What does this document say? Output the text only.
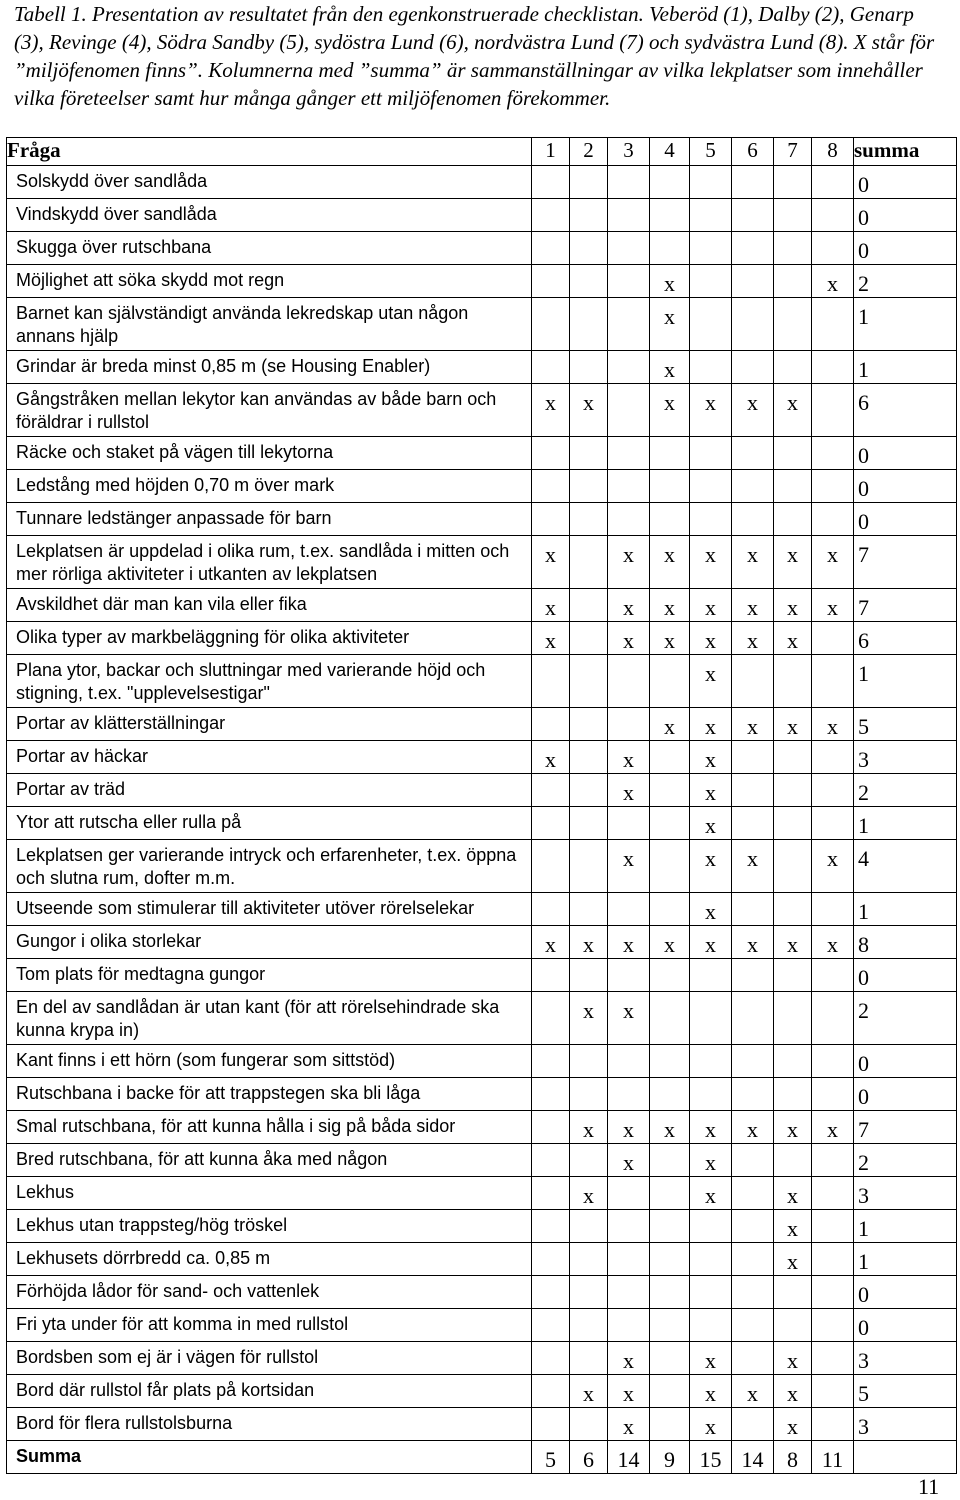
Tabell 1. Presentation av resultatet från den egenkonstruerade checklistan. Veberöd (1), Dalby (2), Genarp (3), Revinge (4), Södra Sandby (5), sydöstra Lund (6), nordvästra Lund (7) och sydvästra Lund (8). X står för ”miljöfenomen finns”. Kolumnerna med ”summa” är sammanställningar av vilka lekplatser som innehåller vilka företeelser samt hur många gånger ett miljöfenomen förekommer.

Fråga	1	2	3	4	5	6	7	8	summa
Solskydd över sandlåda									0
Vindskydd över sandlåda									0
Skugga över rutschbana									0
Möjlighet att söka skydd mot regn				x				x	2
Barnet kan självständigt använda lekredskap utan någon annans hjälp				x					1
Grindar är breda minst 0,85 m (se Housing Enabler)				x					1
Gångstråken mellan lekytor kan användas av både barn och föräldrar i rullstol	x	x		x	x	x	x		6
Räcke och staket på vägen till lekytorna									0
Ledstång med höjden 0,70 m över mark									0
Tunnare ledstänger anpassade för barn									0
Lekplatsen är uppdelad i olika rum, t.ex. sandlåda i mitten och mer rörliga aktiviteter i utkanten av lekplatsen	x		x	x	x	x	x	x	7
Avskildhet där man kan vila eller fika	x		x	x	x	x	x	x	7
Olika typer av markbeläggning för olika aktiviteter	x		x	x	x	x	x		6
Plana ytor, backar och sluttningar med varierande höjd och stigning, t.ex. "upplevelsestigar"					x				1
Portar av klätterställningar				x	x	x	x	x	5
Portar av häckar	x		x		x				3
Portar av träd			x		x				2
Ytor att rutscha eller rulla på					x				1
Lekplatsen ger varierande intryck och erfarenheter, t.ex. öppna och slutna rum, dofter m.m.			x		x	x		x	4
Utseende som stimulerar till aktiviteter utöver rörelselekar					x				1
Gungor i olika storlekar	x	x	x	x	x	x	x	x	8
Tom plats för medtagna gungor									0
En del av sandlådan är utan kant (för att rörelsehindrade ska kunna krypa in)		x	x						2
Kant finns i ett hörn (som fungerar som sittstöd)									0
Rutschbana i backe för att trappstegen ska bli låga									0
Smal rutschbana, för att kunna hålla i sig på båda sidor		x	x	x	x	x	x	x	7
Bred rutschbana, för att kunna åka med någon			x		x				2
Lekhus		x			x		x		3
Lekhus utan trappsteg/hög tröskel							x		1
Lekhusets dörrbredd ca. 0,85 m							x		1
Förhöjda lådor för sand- och vattenlek									0
Fri yta under för att komma in med rullstol									0
Bordsben som ej är i vägen för rullstol			x		x		x		3
Bord där rullstol får plats på kortsidan		x	x		x	x	x		5
Bord för flera rullstolsburna			x		x		x		3
Summa	5	6	14	9	15	14	8	11	
11
